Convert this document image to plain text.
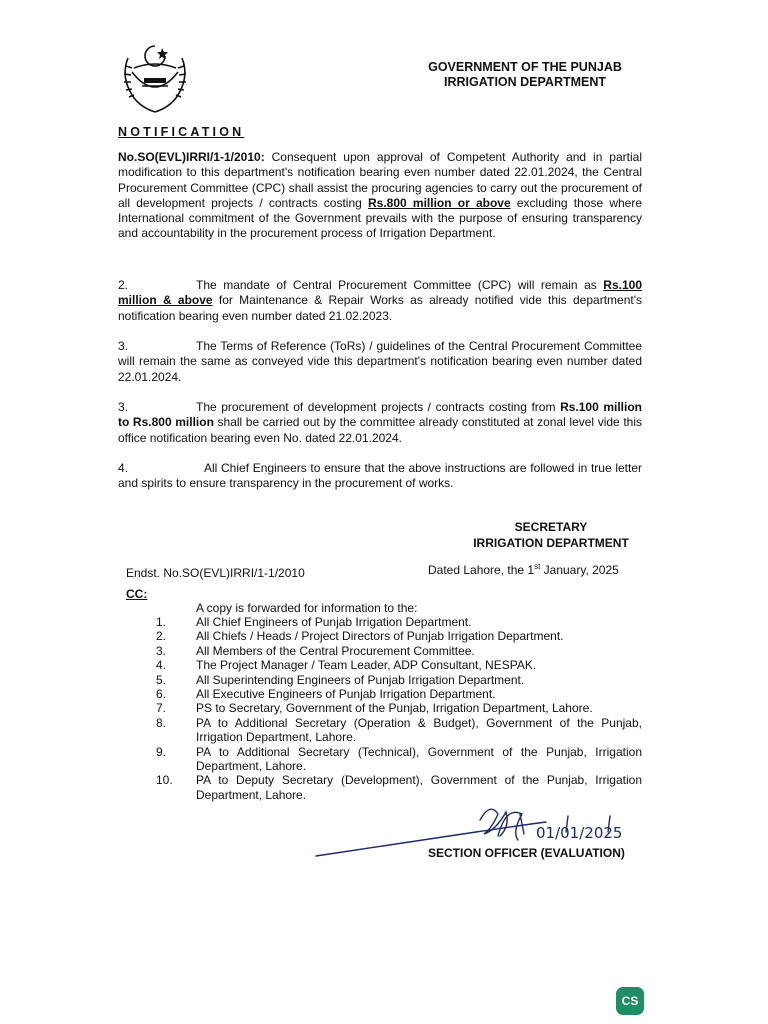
GOVERNMENT OF THE PUNJAB
IRRIGATION DEPARTMENT
NOTIFICATION
No.SO(EVL)IRRI/1-1/2010: Consequent upon approval of Competent Authority and in partial modification to this department's notification bearing even number dated 22.01.2024, the Central Procurement Committee (CPC) shall assist the procuring agencies to carry out the procurement of all development projects / contracts costing Rs.800 million or above excluding those where International commitment of the Government prevails with the purpose of ensuring transparency and accountability in the procurement process of Irrigation Department.
2.	The mandate of Central Procurement Committee (CPC) will remain as Rs.100 million & above for Maintenance & Repair Works as already notified vide this department's notification bearing even number dated 21.02.2023.
3.	The Terms of Reference (ToRs) / guidelines of the Central Procurement Committee will remain the same as conveyed vide this department's notification bearing even number dated 22.01.2024.
3.	The procurement of development projects / contracts costing from Rs.100 million to Rs.800 million shall be carried out by the committee already constituted at zonal level vide this office notification bearing even No. dated 22.01.2024.
4.	All Chief Engineers to ensure that the above instructions are followed in true letter and spirits to ensure transparency in the procurement of works.
SECRETARY
IRRIGATION DEPARTMENT
Endst. No.SO(EVL)IRRI/1-1/2010	Dated Lahore, the 1st January, 2025
CC:
A copy is forwarded for information to the:
1.	All Chief Engineers of Punjab Irrigation Department.
2.	All Chiefs / Heads / Project Directors of Punjab Irrigation Department.
3.	All Members of the Central Procurement Committee.
4.	The Project Manager / Team Leader, ADP Consultant, NESPAK.
5.	All Superintending Engineers of Punjab Irrigation Department.
6.	All Executive Engineers of Punjab Irrigation Department.
7.	PS to Secretary, Government of the Punjab, Irrigation Department, Lahore.
8.	PA to Additional Secretary (Operation & Budget), Government of the Punjab, Irrigation Department, Lahore.
9.	PA to Additional Secretary (Technical), Government of the Punjab, Irrigation Department, Lahore.
10.	PA to Deputy Secretary (Development), Government of the Punjab, Irrigation Department, Lahore.
01/01/2025
SECTION OFFICER (EVALUATION)
CS
